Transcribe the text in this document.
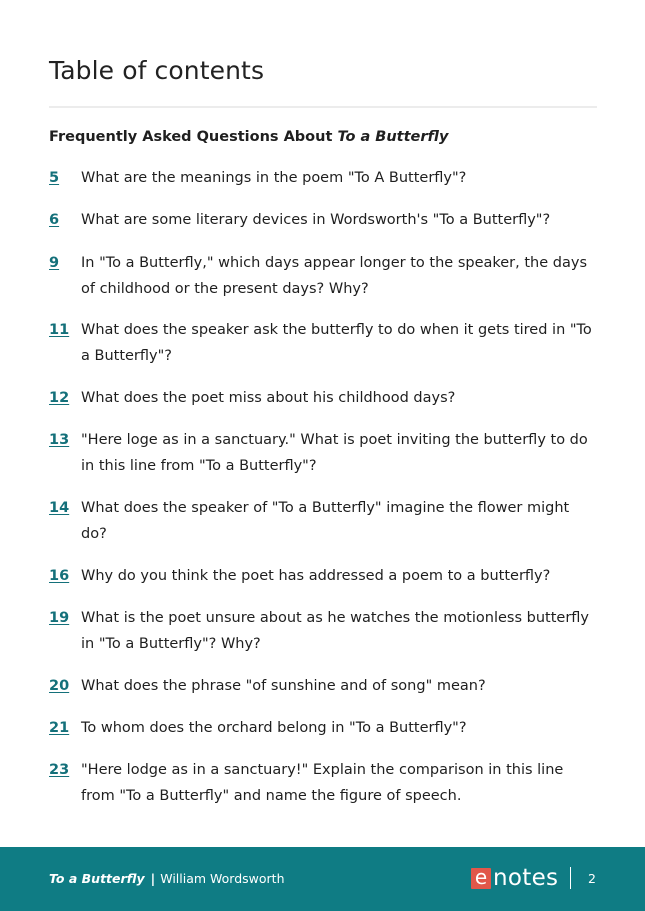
Table of contents
Frequently Asked Questions About To a Butterfly
5	What are the meanings in the poem "To A Butterfly"?
6	What are some literary devices in Wordsworth's "To a Butterfly"?
9	In "To a Butterfly," which days appear longer to the speaker, the days
of childhood or the present days? Why?
11 What does the speaker ask the butterfly to do when it gets tired in "To
a Butterfly"?
12 What does the poet miss about his childhood days?
13 "Here loge as in a sanctuary." What is poet inviting the butterfly to do
in this line from "To a Butterfly"?
14 What does the speaker of "To a Butterfly" imagine the flower might
do?
16 Why do you think the poet has addressed a poem to a butterfly?
19 What is the poet unsure about as he watches the motionless butterfly
in "To a Butterfly"? Why?
20 What does the phrase "of sunshine and of song" mean?
21 To whom does the orchard belong in "To a Butterfly"?
23 "Here lodge as in a sanctuary!" Explain the comparison in this line
from "To a Butterfly" and name the figure of speech.
To a Butterfly | William Wordsworth	e notes 2
